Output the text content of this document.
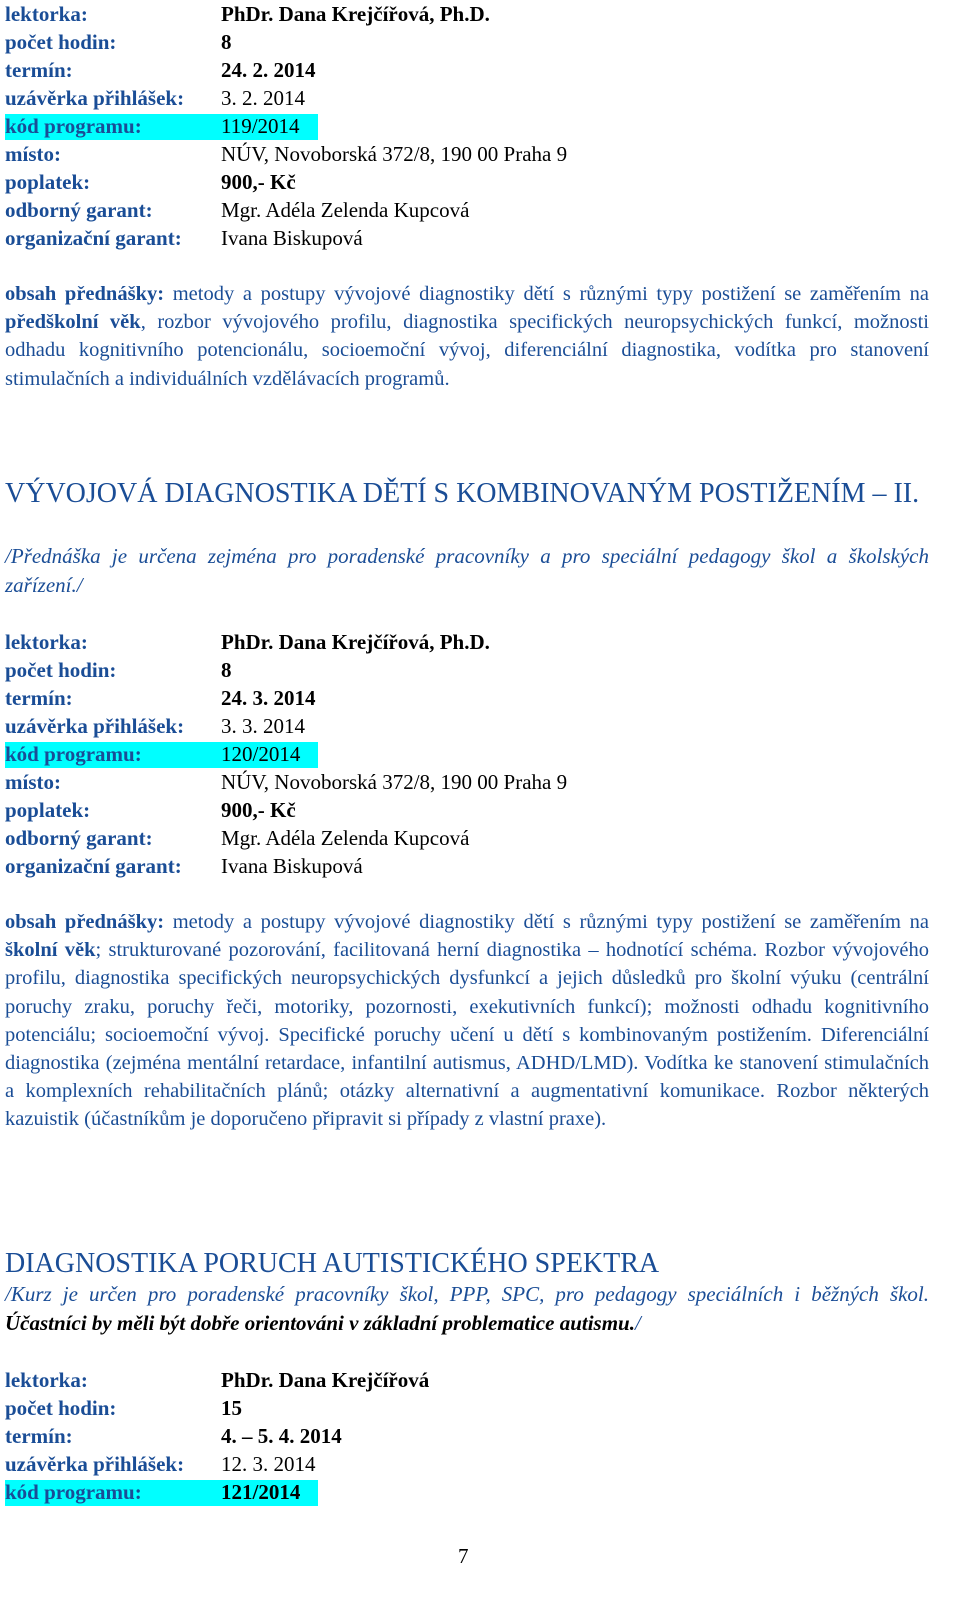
lektorka:	PhDr. Dana Krejčířová, Ph.D.
počet hodin:	8
termín:	24. 2. 2014
uzávěrka přihlášek: 3. 2. 2014
kód programu:	119/2014
místo:	NÚV, Novoborská 372/8, 190 00 Praha 9
poplatek:	900,- Kč
odborný garant:	Mgr. Adéla Zelenda Kupcová
organizační garant: Ivana Biskupová
obsah přednášky: metody a postupy vývojové diagnostiky dětí s různými typy postižení se zaměřením na předškolní věk, rozbor vývojového profilu, diagnostika specifických neuropsychických funkcí, možnosti odhadu kognitivního potencionálu, socioemoční vývoj, diferenciální diagnostika, vodítka pro stanovení stimulačních a individuálních vzdělávacích programů.
VÝVOJOVÁ DIAGNOSTIKA DĚTÍ S KOMBINOVANÝM POSTIŽENÍM – II.
/Přednáška je určena zejména pro poradenské pracovníky a pro speciální pedagogy škol a školských zařízení./
lektorka:	PhDr. Dana Krejčířová, Ph.D.
počet hodin:	8
termín:	24. 3. 2014
uzávěrka přihlášek: 3. 3. 2014
kód programu:	120/2014
místo:	NÚV, Novoborská 372/8, 190 00 Praha 9
poplatek:	900,- Kč
odborný garant:	Mgr. Adéla Zelenda Kupcová
organizační garant: Ivana Biskupová
obsah přednášky: metody a postupy vývojové diagnostiky dětí s různými typy postižení se zaměřením na školní věk; strukturované pozorování, facilitovaná herní diagnostika – hodnotící schéma. Rozbor vývojového profilu, diagnostika specifických neuropsychických dysfunkcí a jejich důsledků pro školní výuku (centrální poruchy zraku, poruchy řeči, motoriky, pozornosti, exekutivních funkcí); možnosti odhadu kognitivního potenciálu; socioemoční vývoj. Specifické poruchy učení u dětí s kombinovaným postižením. Diferenciální diagnostika (zejména mentální retardace, infantilní autismus, ADHD/LMD). Vodítka ke stanovení stimulačních a komplexních rehabilitačních plánů; otázky alternativní a augmentativní komunikace. Rozbor některých kazuistik (účastníkům je doporučeno připravit si případy z vlastní praxe).
DIAGNOSTIKA PORUCH AUTISTICKÉHO SPEKTRA
/Kurz je určen pro poradenské pracovníky škol, PPP, SPC, pro pedagogy speciálních i běžných škol. Účastníci by měli být dobře orientováni v základní problematice autismu./
lektorka:	PhDr. Dana Krejčířová
počet hodin:	15
termín:	4. – 5. 4. 2014
uzávěrka přihlášek: 12. 3. 2014
kód programu:	121/2014
7
